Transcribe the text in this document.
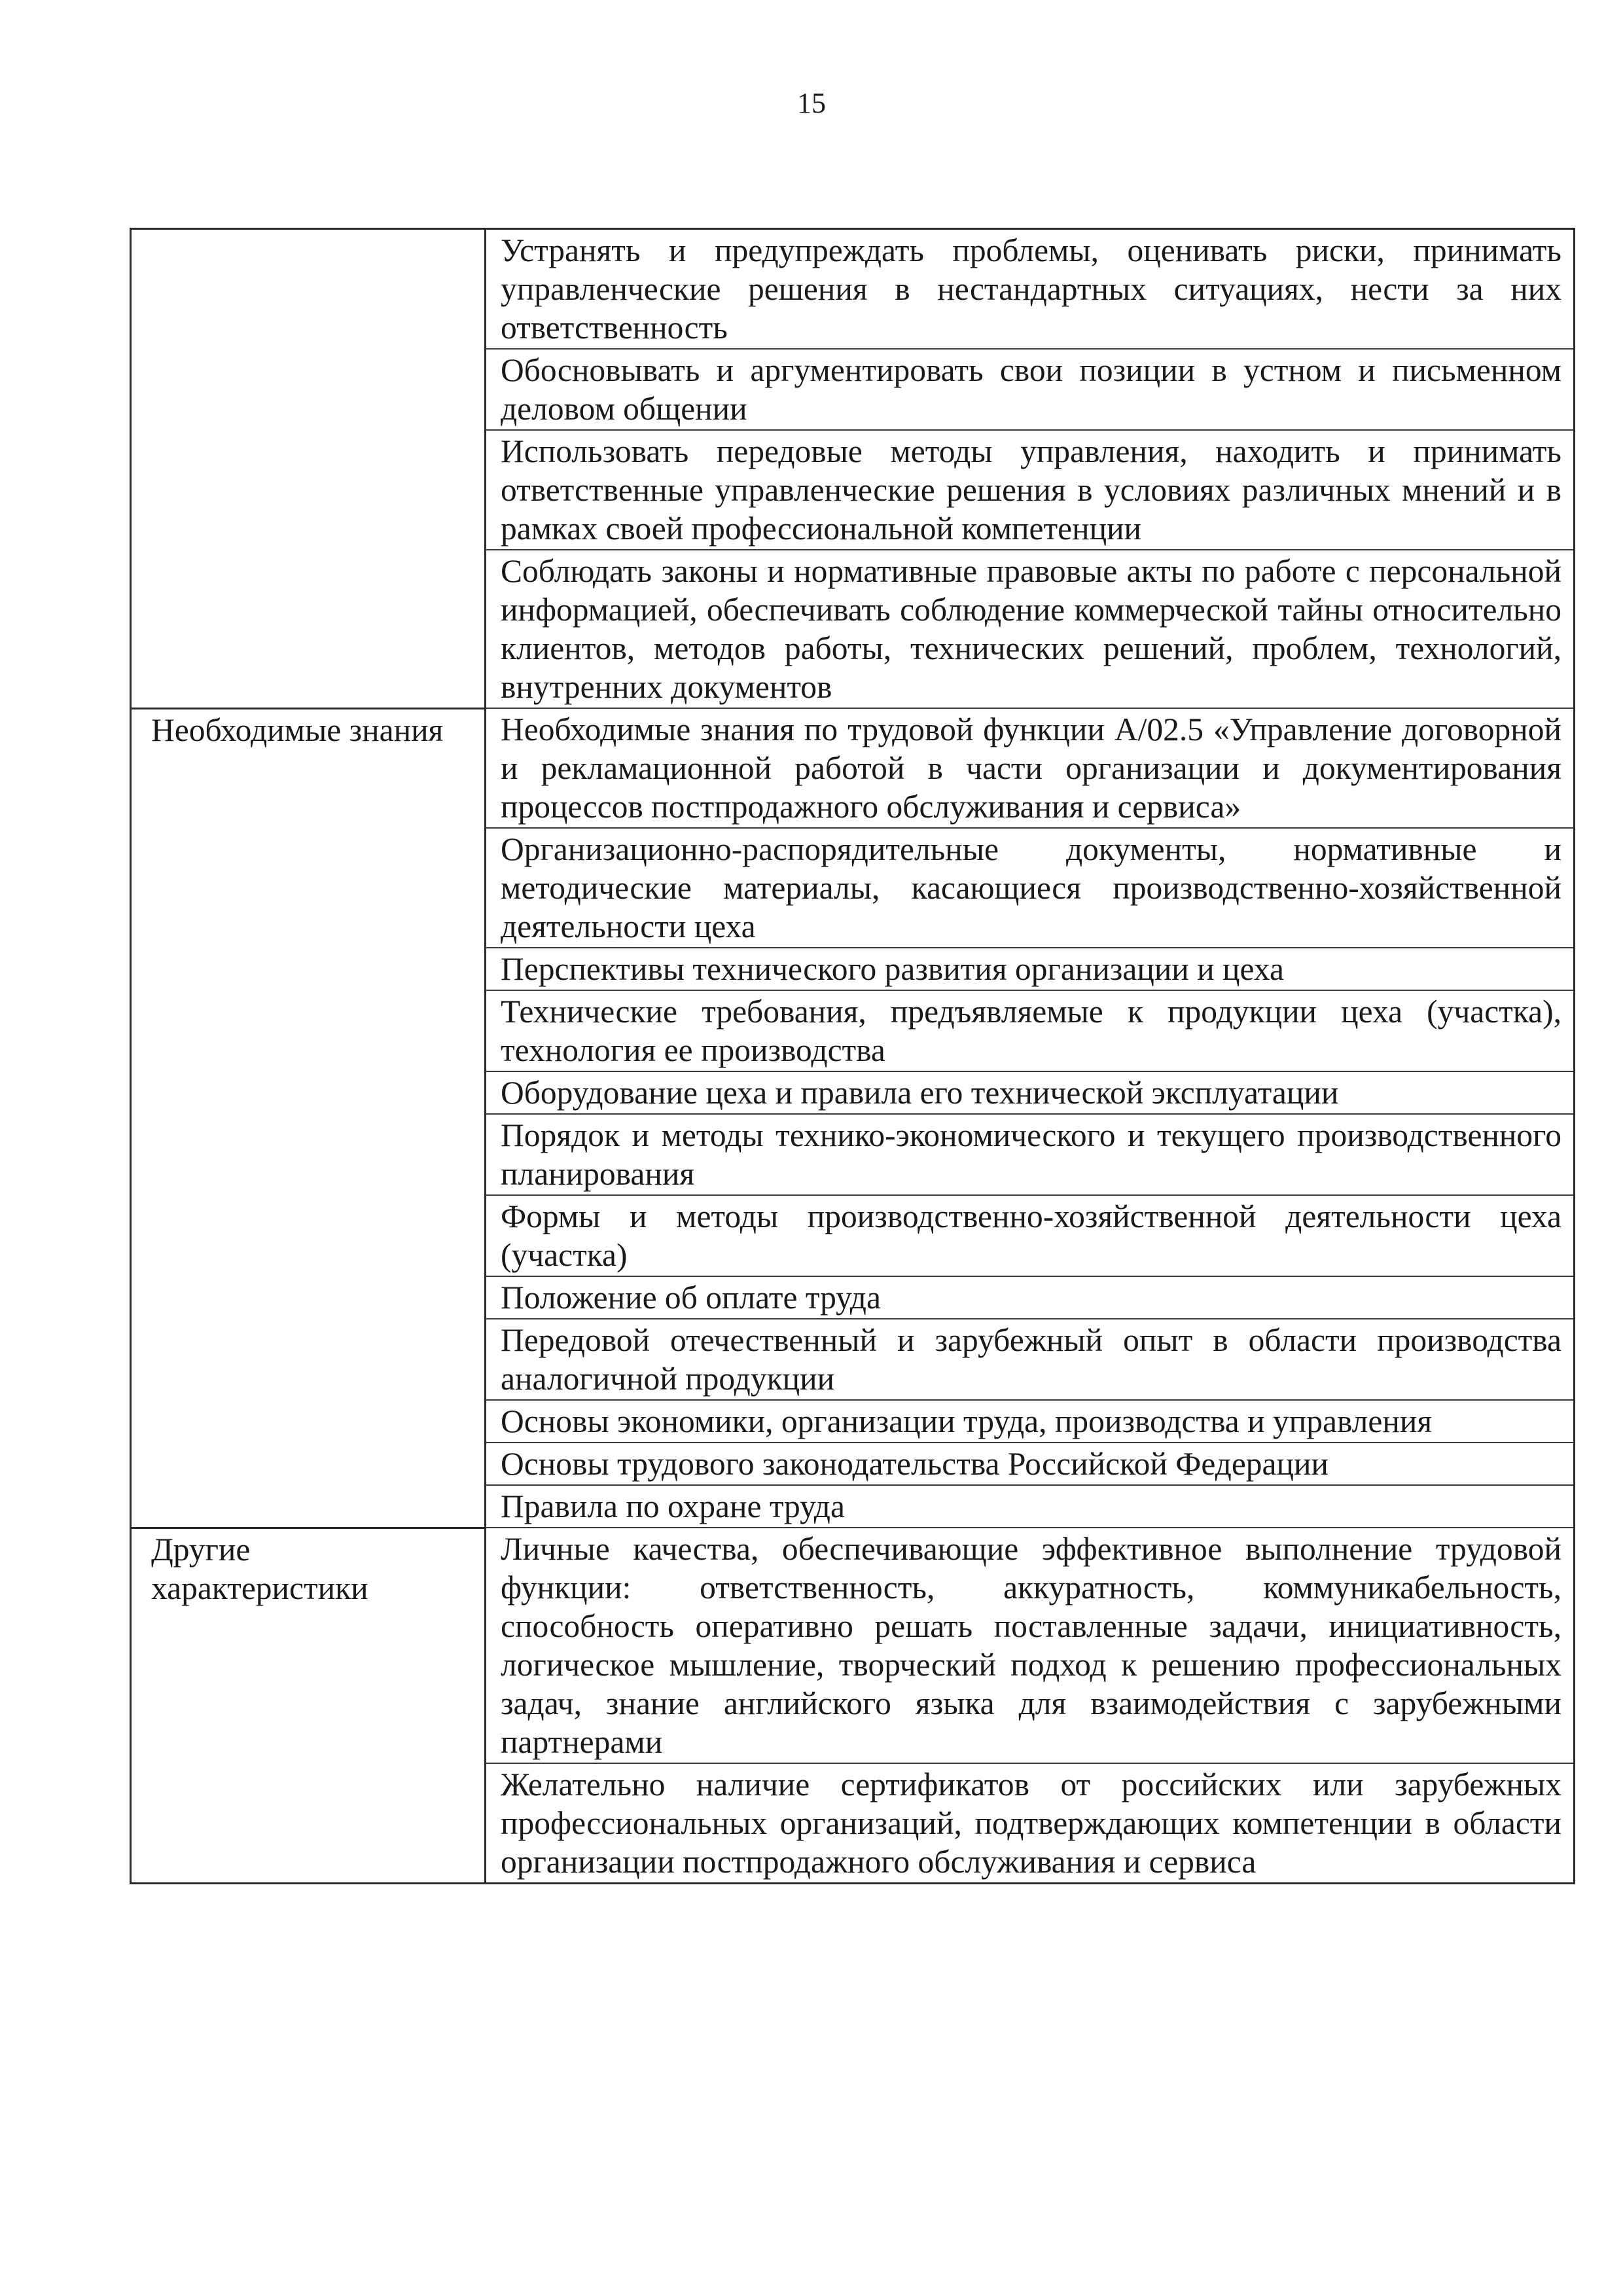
15
	Устранять и предупреждать проблемы, оценивать риски, принимать управленческие решения в нестандартных ситуациях, нести за них ответственность
	Обосновывать и аргументировать свои позиции в устном и письменном деловом общении
	Использовать передовые методы управления, находить и принимать ответственные управленческие решения в условиях различных мнений и в рамках своей профессиональной компетенции
	Соблюдать законы и нормативные правовые акты по работе с персональной информацией, обеспечивать соблюдение коммерческой тайны относительно клиентов, методов работы, технических решений, проблем, технологий, внутренних документов

Необходимые знания	Необходимые знания по трудовой функции А/02.5 «Управление договорной и рекламационной работой в части организации и документирования процессов постпродажного обслуживания и сервиса»
	Организационно-распорядительные документы, нормативные и методические материалы, касающиеся производственно-хозяйственной деятельности цеха
	Перспективы технического развития организации и цеха
	Технические требования, предъявляемые к продукции цеха (участка), технология ее производства
	Оборудование цеха и правила его технической эксплуатации
	Порядок и методы технико-экономического и текущего производственного планирования
	Формы и методы производственно-хозяйственной деятельности цеха (участка)
	Положение об оплате труда
	Передовой отечественный и зарубежный опыт в области производства аналогичной продукции
	Основы экономики, организации труда, производства и управления
	Основы трудового законодательства Российской Федерации
	Правила по охране труда

Другие характеристики	Личные качества, обеспечивающие эффективное выполнение трудовой функции: ответственность, аккуратность, коммуникабельность, способность оперативно решать поставленные задачи, инициативность, логическое мышление, творческий подход к решению профессиональных задач, знание английского языка для взаимодействия с зарубежными партнерами
	Желательно наличие сертификатов от российских или зарубежных профессиональных организаций, подтверждающих компетенции в области организации постпродажного обслуживания и сервиса
